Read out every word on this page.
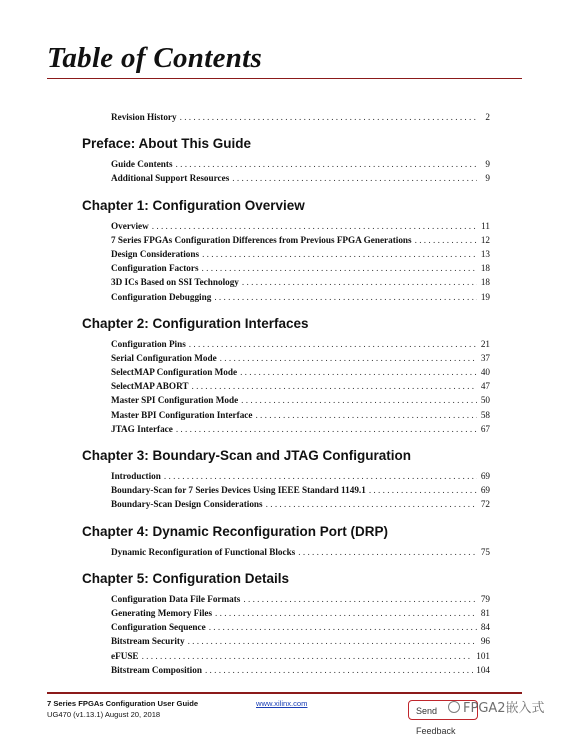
Table of Contents
Revision History . . .	2
Preface: About This Guide
Guide Contents . . .	9
Additional Support Resources . . .	9
Chapter 1: Configuration Overview
Overview . . .	11
7 Series FPGAs Configuration Differences from Previous FPGA Generations . . .	12
Design Considerations . . .	13
Configuration Factors . . .	18
3D ICs Based on SSI Technology . . .	18
Configuration Debugging . . .	19
Chapter 2: Configuration Interfaces
Configuration Pins . . .	21
Serial Configuration Mode . . .	37
SelectMAP Configuration Mode . . .	40
SelectMAP ABORT . . .	47
Master SPI Configuration Mode . . .	50
Master BPI Configuration Interface . . .	58
JTAG Interface . . .	67
Chapter 3: Boundary-Scan and JTAG Configuration
Introduction . . .	69
Boundary-Scan for 7 Series Devices Using IEEE Standard 1149.1 . . .	69
Boundary-Scan Design Considerations . . .	72
Chapter 4: Dynamic Reconfiguration Port (DRP)
Dynamic Reconfiguration of Functional Blocks . . .	75
Chapter 5: Configuration Details
Configuration Data File Formats . . .	79
Generating Memory Files . . .	81
Configuration Sequence . . .	84
Bitstream Security . . .	96
eFUSE . . .	101
Bitstream Composition . . .	104
7 Series FPGAs Configuration User Guide
UG470 (v1.13.1) August 20, 2018
www.xilinx.com
Send Feedback
FPGA2嵌入式
